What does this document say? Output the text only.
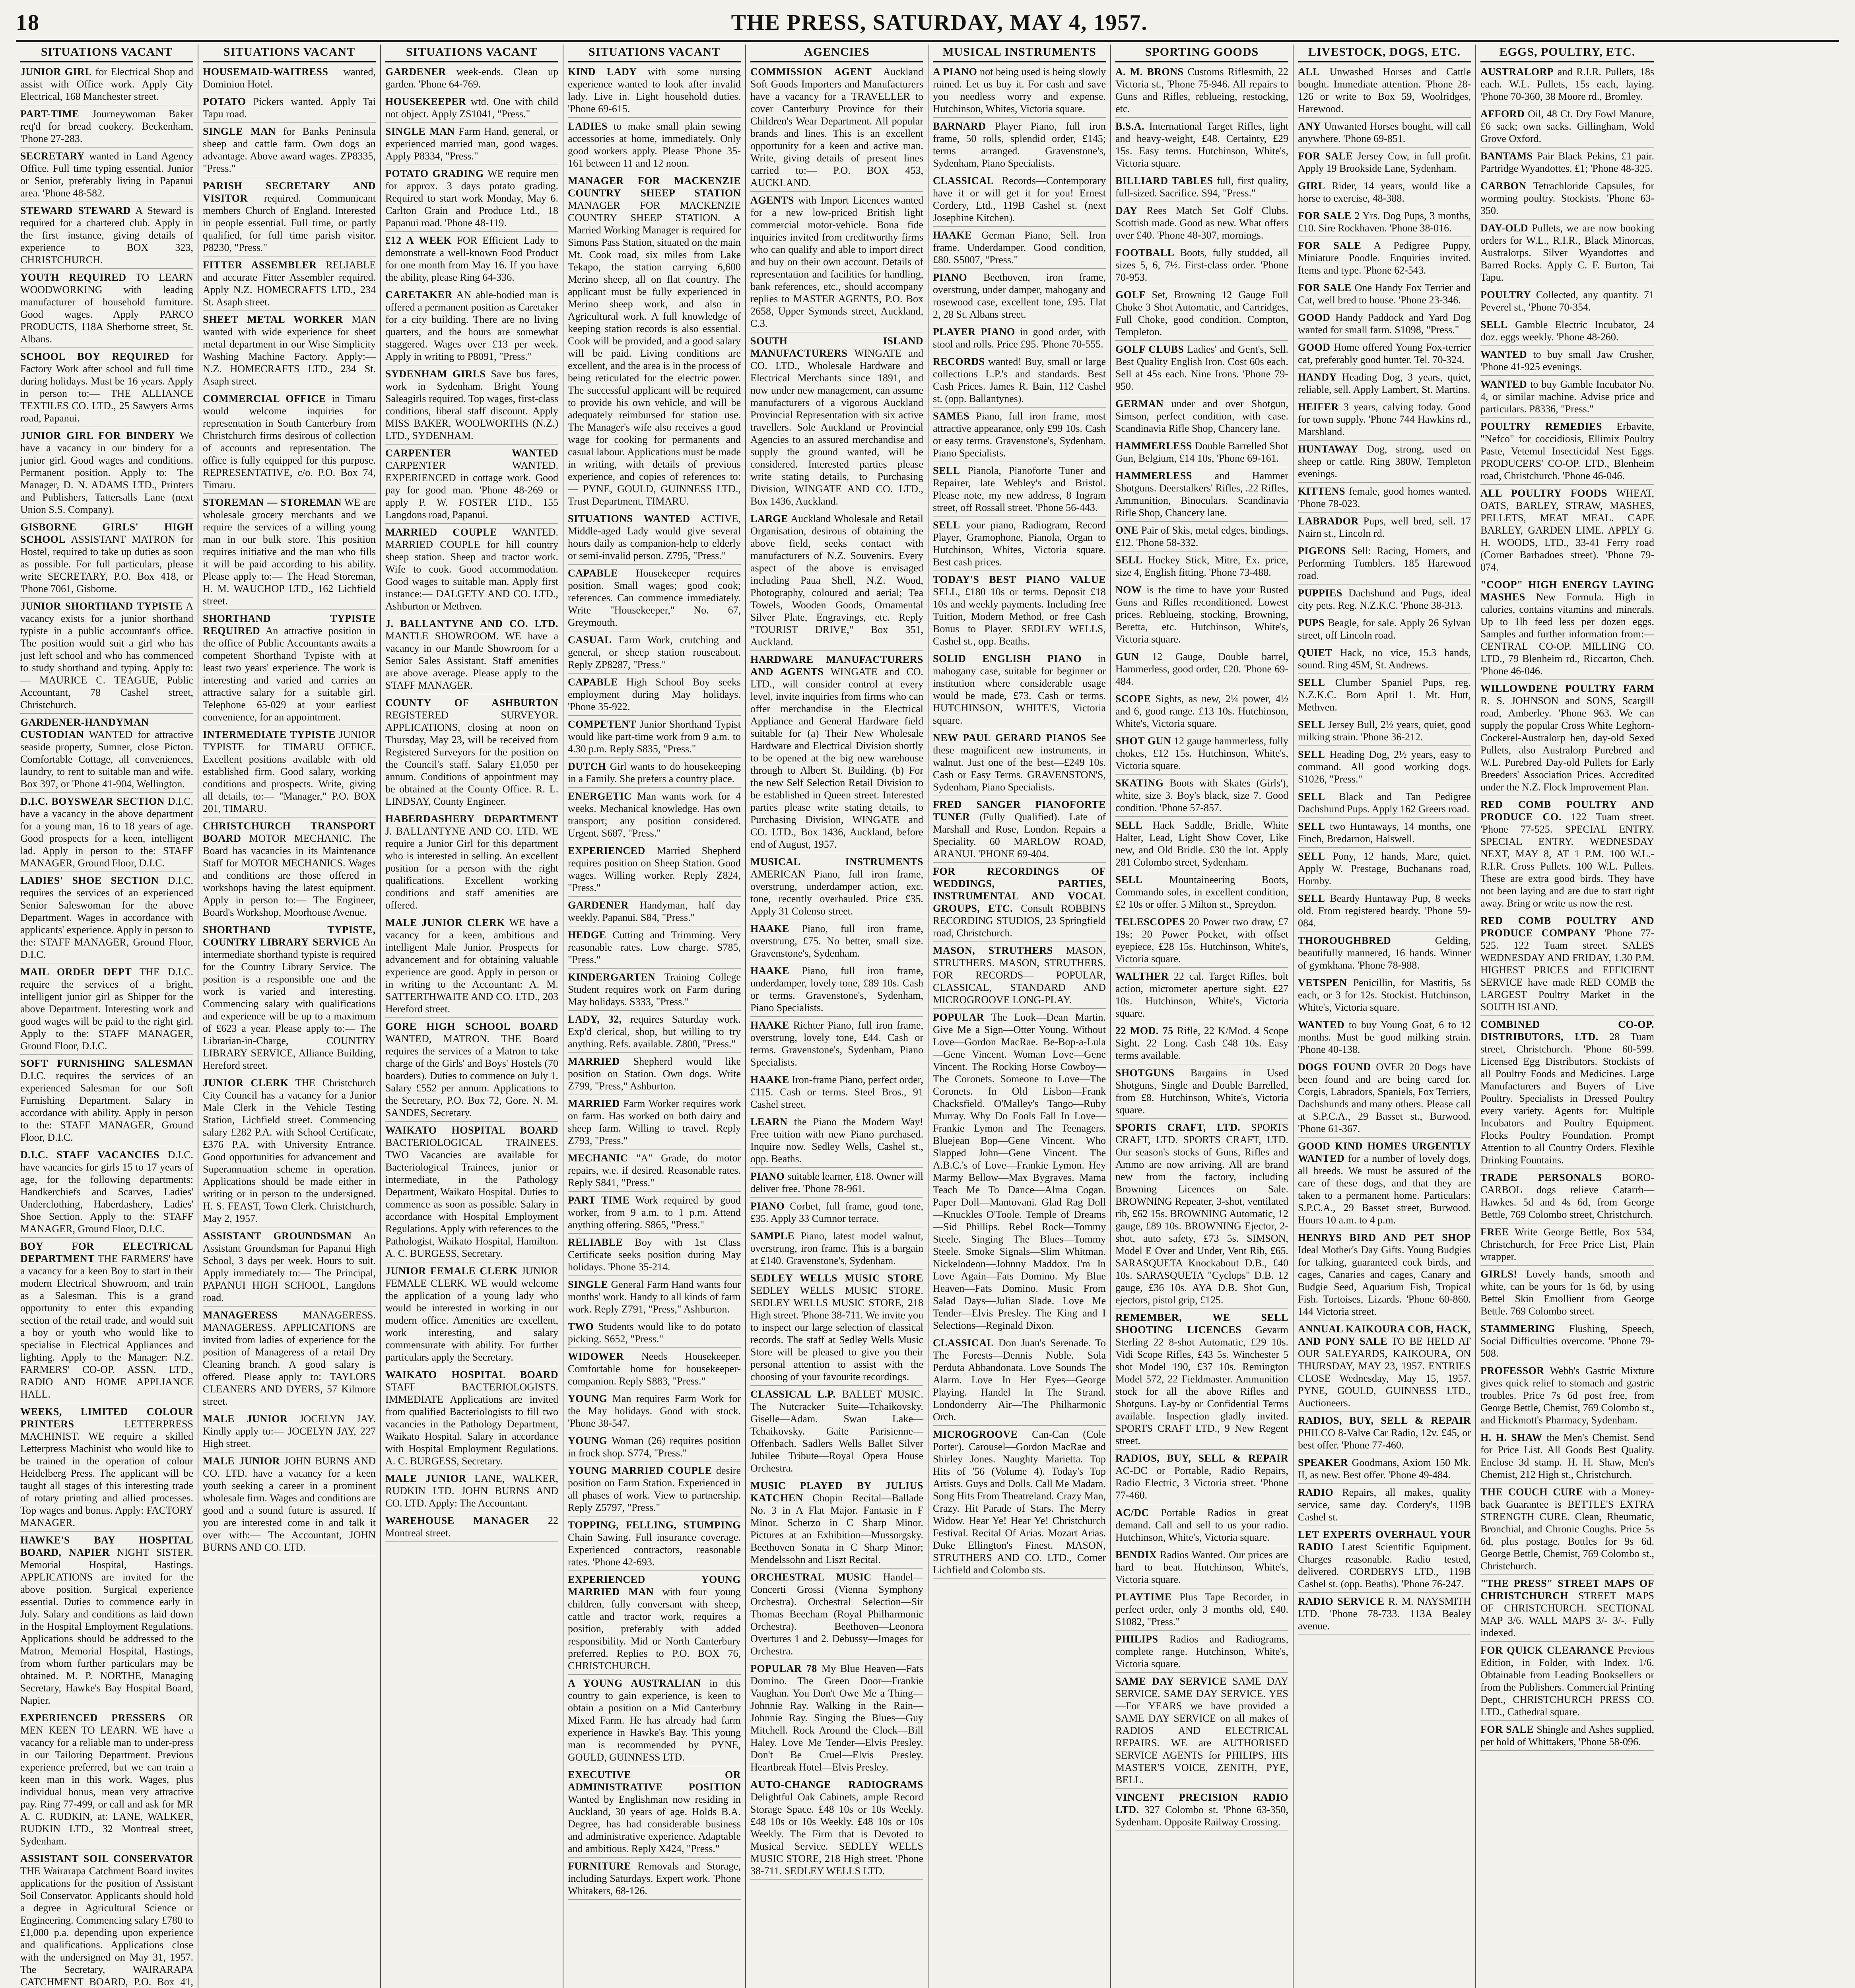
18	THE PRESS, SATURDAY, MAY 4, 1957.
SITUATIONS VACANT
JUNIOR GIRL for Electrical Shop and assist with Office work. Apply City Electrical, 168 Manchester street.
PART-TIME Journeywoman Baker req'd for bread cookery. Beckenham, 'Phone 27-283.
SECRETARY wanted in Land Agency Office. Full time typing essential. Junior or Senior, preferably living in Papanui area. 'Phone 48-582.
STEWARD STEWARD A Steward is required for a chartered club. Apply in the first instance, giving details of experience to BOX 323, CHRISTCHURCH.
YOUTH REQUIRED TO LEARN WOODWORKING with leading manufacturer of household furniture. Good wages. Apply PARCO PRODUCTS, 118A Sherborne street, St. Albans.
SCHOOL BOY REQUIRED for Factory Work after school and full time during holidays. Must be 16 years. Apply in person to:— THE ALLIANCE TEXTILES CO. LTD., 25 Sawyers Arms road, Papanui.
JUNIOR GIRL FOR BINDERY We have a vacancy in our bindery for a junior girl. Good wages and conditions. Permanent position. Apply to: The Manager, D. N. ADAMS LTD., Printers and Publishers, Tattersalls Lane (next Union S.S. Company).
GISBORNE GIRLS' HIGH SCHOOL ASSISTANT MATRON for Hostel, required to take up duties as soon as possible. For full particulars, please write SECRETARY, P.O. Box 418, or 'Phone 7061, Gisborne.
JUNIOR SHORTHAND TYPISTE A vacancy exists for a junior shorthand typiste in a public accountant's office. The position would suit a girl who has just left school and who has commenced to study shorthand and typing. Apply to:— MAURICE C. TEAGUE, Public Accountant, 78 Cashel street, Christchurch.
GARDENER-HANDYMAN CUSTODIAN WANTED for attractive seaside property, Sumner, close Picton. Comfortable Cottage, all conveniences, laundry, to rent to suitable man and wife. Box 397, or 'Phone 41-904, Wellington.
D.I.C. BOYSWEAR SECTION D.I.C. have a vacancy in the above department for a young man, 16 to 18 years of age. Good prospects for a keen, intelligent lad. Apply in person to the: STAFF MANAGER, Ground Floor, D.I.C.
LADIES' SHOE SECTION D.I.C. requires the services of an experienced Senior Saleswoman for the above Department. Wages in accordance with applicants' experience. Apply in person to the: STAFF MANAGER, Ground Floor, D.I.C.
MAIL ORDER DEPT THE D.I.C. require the services of a bright, intelligent junior girl as Shipper for the above Department. Interesting work and good wages will be paid to the right girl. Apply to the: STAFF MANAGER, Ground Floor, D.I.C.
SOFT FURNISHING SALESMAN D.I.C. requires the services of an experienced Salesman for our Soft Furnishing Department. Salary in accordance with ability. Apply in person to the: STAFF MANAGER, Ground Floor, D.I.C.
D.I.C. STAFF VACANCIES D.I.C. have vacancies for girls 15 to 17 years of age, for the following departments: Handkerchiefs and Scarves, Ladies' Underclothing, Haberdashery, Ladies' Shoe Section. Apply to the: STAFF MANAGER, Ground Floor, D.I.C.
BOY FOR ELECTRICAL DEPARTMENT THE FARMERS' have a vacancy for a keen Boy to start in their modern Electrical Showroom, and train as a Salesman. This is a grand opportunity to enter this expanding section of the retail trade, and would suit a boy or youth who would like to specialise in Electrical Appliances and lighting. Apply to the Manager: N.Z. FARMERS' CO-OP. ASSN. LTD., RADIO AND HOME APPLIANCE HALL.
WEEKS, LIMITED COLOUR PRINTERS	LETTERPRESS MACHINIST. WE require a skilled Letterpress Machinist who would like to be trained in the operation of colour Heidelberg Press. The applicant will be taught all stages of this interesting trade of rotary printing and allied processes. Top wages and bonus. Apply: FACTORY MANAGER.
HAWKE'S BAY HOSPITAL BOARD, NAPIER NIGHT SISTER. Memorial Hospital, Hastings. APPLICATIONS are invited for the above position. Surgical experience essential. Duties to commence early in July. Salary and conditions as laid down in the Hospital Employment Regulations. Applications should be addressed to the Matron, Memorial Hospital, Hastings, from whom further particulars may be obtained. M. P. NORTHE, Managing Secretary, Hawke's Bay Hospital Board, Napier.
EXPERIENCED PRESSERS OR MEN KEEN TO LEARN. WE have a vacancy for a reliable man to under-press in our Tailoring Department. Previous experience preferred, but we can train a keen man in this work. Wages, plus individual bonus, mean very attractive pay. Ring 77-499, or call and ask for MR A. C. RUDKIN, at: LANE, WALKER, RUDKIN LTD., 32 Montreal street, Sydenham.
ASSISTANT SOIL CONSERVATOR THE Wairarapa Catchment Board invites applications for the position of Assistant Soil Conservator. Applicants should hold a degree in Agricultural Science or Engineering. Commencing salary £780 to £1,000 p.a. depending upon experience and qualifications. Applications close with the undersigned on May 31, 1957. The Secretary, WAIRARAPA CATCHMENT BOARD, P.O. Box 41,
SITUATIONS VACANT
HOUSEMAID-WAITRESS wanted, Dominion Hotel.
POTATO Pickers wanted. Apply Tai Tapu road.
SINGLE MAN for Banks Peninsula sheep and cattle farm. Own dogs an advantage. Above award wages. ZP8335, "Press."
PARISH SECRETARY AND VISITOR required. Communicant members Church of England. Interested in people essential. Full time, or partly qualified, for full time parish visitor. P8230, "Press."
FITTER ASSEMBLER RELIABLE and accurate Fitter Assembler required. Apply N.Z. HOMECRAFTS LTD., 234 St. Asaph street.
SHEET METAL WORKER MAN wanted with wide experience for sheet metal department in our Wise Simplicity Washing Machine Factory. Apply:— N.Z. HOMECRAFTS LTD., 234 St. Asaph street.
COMMERCIAL OFFICE in Timaru would welcome inquiries for representation in South Canterbury from Christchurch firms desirous of collection of accounts and representation. The office is fully equipped for this purpose. REPRESENTATIVE, c/o. P.O. Box 74, Timaru.
STOREMAN — STOREMAN WE are wholesale grocery merchants and we require the services of a willing young man in our bulk store. This position requires initiative and the man who fills it will be paid according to his ability. Please apply to:— The Head Storeman, H. M. WAUCHOP LTD., 162 Lichfield street.
SHORTHAND TYPISTE REQUIRED An attractive position in the office of Public Accountants awaits a competent Shorthand Typiste with at least two years' experience. The work is interesting and varied and carries an attractive salary for a suitable girl. Telephone 65-029 at your earliest convenience, for an appointment.
INTERMEDIATE TYPISTE JUNIOR TYPISTE for TIMARU OFFICE. Excellent positions available with old established firm. Good salary, working conditions and prospects. Write, giving all details, to:— "Manager," P.O. BOX 201, TIMARU.
CHRISTCHURCH TRANSPORT BOARD MOTOR MECHANIC. The Board has vacancies in its Maintenance Staff for MOTOR MECHANICS. Wages and conditions are those offered in workshops having the latest equipment. Apply in person to:— The Engineer, Board's Workshop, Moorhouse Avenue.
SHORTHAND TYPISTE, COUNTRY LIBRARY SERVICE An intermediate shorthand typiste is required for the Country Library Service. The position is a responsible one and the work is varied and interesting. Commencing salary with qualifications and experience will be up to a maximum of £623 a year. Please apply to:— The Librarian-in-Charge, COUNTRY LIBRARY SERVICE, Alliance Building, Hereford street.
JUNIOR CLERK THE Christchurch City Council has a vacancy for a Junior Male Clerk in the Vehicle Testing Station, Lichfield street. Commencing salary £282 P.A. with School Certificate, £376 P.A. with University Entrance. Good opportunities for advancement and Superannuation scheme in operation. Applications should be made either in writing or in person to the undersigned. H. S. FEAST, Town Clerk. Christchurch, May 2, 1957.
ASSISTANT GROUNDSMAN An Assistant Groundsman for Papanui High School, 3 days per week. Hours to suit. Apply immediately to:— The Principal, PAPANUI HIGH SCHOOL, Langdons road.
MANAGERESS MANAGERESS. MANAGERESS. APPLICATIONS are invited from ladies of experience for the position of Manageress of a retail Dry Cleaning branch. A good salary is offered. Please apply to: TAYLORS CLEANERS AND DYERS, 57 Kilmore street.
MALE JUNIOR JOCELYN JAY. Kindly apply to:— JOCELYN JAY, 227 High street.
MALE JUNIOR JOHN BURNS AND CO. LTD. have a vacancy for a keen youth seeking a career in a prominent wholesale firm. Wages and conditions are good and a sound future is assured. If you are interested come in and talk it over with:— The Accountant, JOHN BURNS AND CO. LTD.
SITUATIONS VACANT
GARDENER week-ends. Clean up garden. 'Phone 64-769.
HOUSEKEEPER wtd. One with child not object. Apply ZS1041, "Press."
SINGLE MAN Farm Hand, general, or experienced married man, good wages. Apply P8334, "Press."
POTATO GRADING WE require men for approx. 3 days potato grading. Required to start work Monday, May 6. Carlton Grain and Produce Ltd., 18 Papanui road. 'Phone 48-119.
£12 A WEEK FOR Efficient Lady to demonstrate a well-known Food Product for one month from May 16. If you have the ability, please Ring 64-336.
CARETAKER AN able-bodied man is offered a permanent position as Caretaker for a city building. There are no living quarters, and the hours are somewhat staggered. Wages over £13 per week. Apply in writing to P8091, "Press."
SYDENHAM GIRLS Save bus fares, work in Sydenham. Bright Young Saleagirls required. Top wages, first-class conditions, liberal staff discount. Apply MISS BAKER, WOOLWORTHS (N.Z.) LTD., SYDENHAM.
CARPENTER WANTED CARPENTER WANTED. EXPERIENCED in cottage work. Good pay for good man. 'Phone 48-269 or apply P. W. FOSTER LTD., 155 Langdons road, Papanui.
MARRIED COUPLE WANTED. MARRIED COUPLE for hill country sheep station. Sheep and tractor work. Wife to cook. Good accommodation. Good wages to suitable man. Apply first instance:— DALGETY AND CO. LTD., Ashburton or Methven.
J. BALLANTYNE AND CO. LTD. MANTLE SHOWROOM. WE have a vacancy in our Mantle Showroom for a Senior Sales Assistant. Staff amenities are above average. Please apply to the STAFF MANAGER.
COUNTY OF ASHBURTON REGISTERED SURVEYOR. APPLICATIONS, closing at noon on Thursday, May 23, will be received from Registered Surveyors for the position on the Council's staff. Salary £1,050 per annum. Conditions of appointment may be obtained at the County Office. R. L. LINDSAY, County Engineer.
HABERDASHERY DEPARTMENT J. BALLANTYNE AND CO. LTD. WE require a Junior Girl for this department who is interested in selling. An excellent position for a person with the right qualifications. Excellent working conditions and staff amenities are offered.
MALE JUNIOR CLERK WE have a vacancy for a keen, ambitious and intelligent Male Junior. Prospects for advancement and for obtaining valuable experience are good. Apply in person or in writing to the Accountant: A. M. SATTERTHWAITE AND CO. LTD., 203 Hereford street.
GORE HIGH SCHOOL BOARD WANTED, MATRON. THE Board requires the services of a Matron to take charge of the Girls' and Boys' Hostels (70 boarders). Duties to commence on July 1. Salary £552 per annum. Applications to the Secretary, P.O. Box 72, Gore. N. M. SANDES, Secretary.
WAIKATO HOSPITAL BOARD BACTERIOLOGICAL TRAINEES. TWO Vacancies are available for Bacteriological Trainees, junior or intermediate, in the Pathology Department, Waikato Hospital. Duties to commence as soon as possible. Salary in accordance with Hospital Employment Regulations. Apply with references to the Pathologist, Waikato Hospital, Hamilton. A. C. BURGESS, Secretary.
JUNIOR FEMALE CLERK JUNIOR FEMALE CLERK. WE would welcome the application of a young lady who would be interested in working in our modern office. Amenities are excellent, work interesting, and salary commensurate with ability. For further particulars apply the Secretary.
WAIKATO HOSPITAL BOARD STAFF BACTERIOLOGISTS. IMMEDIATE Applications are invited from qualified Bacteriologists to fill two vacancies in the Pathology Department, Waikato Hospital. Salary in accordance with Hospital Employment Regulations. A. C. BURGESS, Secretary.
MALE JUNIOR LANE, WALKER, RUDKIN LTD. JOHN BURNS AND CO. LTD. Apply: The Accountant.
WAREHOUSE MANAGER 22 Montreal street.
SITUATIONS VACANT
KIND LADY with some nursing experience wanted to look after invalid lady. Live in. Light household duties. 'Phone 69-615.
LADIES to make small plain sewing accessories at home, immediately. Only good workers apply. Please 'Phone 35-161 between 11 and 12 noon.
MANAGER FOR MACKENZIE COUNTRY SHEEP STATION MANAGER FOR MACKENZIE COUNTRY SHEEP STATION. A Married Working Manager is required for Simons Pass Station, situated on the main Mt. Cook road, six miles from Lake Tekapo, the station carrying 6,600 Merino sheep, all on flat country. The applicant must be fully experienced in Merino sheep work, and also in Agricultural work. A full knowledge of keeping station records is also essential. Cook will be provided, and a good salary will be paid. Living conditions are excellent, and the area is in the process of being reticulated for the electric power. The successful applicant will be required to provide his own vehicle, and will be adequately reimbursed for station use. The Manager's wife also receives a good wage for cooking for permanents and casual labour. Applications must be made in writing, with details of previous experience, and copies of references to:— PYNE, GOULD, GUINNESS LTD., Trust Department, TIMARU.
SITUATIONS WANTED ACTIVE, Middle-aged Lady would give several hours daily as companion-help to elderly or semi-invalid person. Z795, "Press."
CAPABLE Housekeeper requires position. Small wages; good cook; references. Can commence immediately. Write "Housekeeper," No. 67, Greymouth.
CASUAL Farm Work, crutching and general, or sheep station rouseabout. Reply ZP8287, "Press."
CAPABLE High School Boy seeks employment during May holidays. 'Phone 35-922.
COMPETENT Junior Shorthand Typist would like part-time work from 9 a.m. to 4.30 p.m. Reply S835, "Press."
DUTCH Girl wants to do housekeeping in a Family. She prefers a country place.
ENERGETIC Man wants work for 4 weeks. Mechanical knowledge. Has own transport; any position considered. Urgent. S687, "Press."
EXPERIENCED Married Shepherd requires position on Sheep Station. Good wages. Willing worker. Reply Z824, "Press."
GARDENER Handyman, half day weekly. Papanui. S84, "Press."
HEDGE Cutting and Trimming. Very reasonable rates. Low charge. S785, "Press."
KINDERGARTEN Training College Student requires work on Farm during May holidays. S333, "Press."
LADY, 32, requires Saturday work. Exp'd clerical, shop, but willing to try anything. Refs. available. Z800, "Press."
MARRIED Shepherd would like position on Station. Own dogs. Write Z799, "Press," Ashburton.
MARRIED Farm Worker requires work on farm. Has worked on both dairy and sheep farm. Willing to travel. Reply Z793, "Press."
MECHANIC "A" Grade, do motor repairs, w.e. if desired. Reasonable rates. Reply S841, "Press."
PART TIME Work required by good worker, from 9 a.m. to 1 p.m. Attend anything offering. S865, "Press."
RELIABLE Boy with 1st Class Certificate seeks position during May holidays. 'Phone 35-214.
SINGLE General Farm Hand wants four months' work. Handy to all kinds of farm work. Reply Z791, "Press," Ashburton.
TWO Students would like to do potato picking. S652, "Press."
WIDOWER Needs Housekeeper. Comfortable home for housekeeper-companion. Reply S883, "Press."
YOUNG Man requires Farm Work for the May holidays. Good with stock. 'Phone 38-547.
YOUNG Woman (26) requires position in frock shop. S774, "Press."
YOUNG MARRIED COUPLE desire position on Farm Station. Experienced in all phases of work. View to partnership. Reply Z5797, "Press."
TOPPING, FELLING, STUMPING Chain Sawing. Full insurance coverage. Experienced contractors, reasonable rates. 'Phone 42-693.
EXPERIENCED YOUNG MARRIED MAN with four young children, fully conversant with sheep, cattle and tractor work, requires a position, preferably with added responsibility. Mid or North Canterbury preferred. Replies to P.O. BOX 76, CHRISTCHURCH.
A YOUNG AUSTRALIAN in this country to gain experience, is keen to obtain a position on a Mid Canterbury Mixed Farm. He has already had farm experience in Hawke's Bay. This young man is recommended by PYNE, GOULD, GUINNESS LTD.
EXECUTIVE OR ADMINISTRATIVE POSITION Wanted by Englishman now residing in Auckland, 30 years of age. Holds B.A. Degree, has had considerable business and administrative experience. Adaptable and ambitious. Reply X424, "Press."
FURNITURE Removals and Storage, including Saturdays. Expert work. 'Phone Whitakers, 68-126.
AGENCIES
COMMISSION AGENT Auckland Soft Goods Importers and Manufacturers have a vacancy for a TRAVELLER to cover Canterbury Province for their Children's Wear Department. All popular brands and lines. This is an excellent opportunity for a keen and active man. Write, giving details of present lines carried to:— P.O. BOX 453, AUCKLAND.
AGENTS with Import Licences wanted for a new low-priced British light commercial motor-vehicle. Bona fide inquiries invited from creditworthy firms who can qualify and able to import direct and buy on their own account. Details of representation and facilities for handling, bank references, etc., should accompany replies to MASTER AGENTS, P.O. Box 2658, Upper Symonds street, Auckland, C.3.
SOUTH ISLAND MANUFACTURERS WINGATE and CO. LTD., Wholesale Hardware and Electrical Merchants since 1891, and now under new management, can assume manufacturers of a vigorous Auckland Provincial Representation with six active travellers. Sole Auckland or Provincial Agencies to an assured merchandise and supply the ground wanted, will be considered. Interested parties please write stating details, to Purchasing Division, WINGATE AND CO. LTD., Box 1436, Auckland.
LARGE Auckland Wholesale and Retail Organisation, desirous of obtaining the above field, seeks contact with manufacturers of N.Z. Souvenirs. Every aspect of the above is envisaged including Paua Shell, N.Z. Wood, Photography, coloured and aerial; Tea Towels, Wooden Goods, Ornamental Silver Plate, Engravings, etc. Reply "TOURIST DRIVE," Box 351, Auckland.
HARDWARE MANUFACTURERS AND AGENTS WINGATE and CO. LTD., will consider control at every level, invite inquiries from firms who can offer merchandise in the Electrical Appliance and General Hardware field suitable for (a) Their New Wholesale Hardware and Electrical Division shortly to be opened at the big new warehouse through to Albert St. Building. (b) For the new Self Selection Retail Division to be established in Queen street. Interested parties please write stating details, to Purchasing Division, WINGATE and CO. LTD., Box 1436, Auckland, before end of August, 1957.
MUSICAL INSTRUMENTS AMERICAN Piano, full iron frame, overstrung, underdamper action, exc. tone, recently overhauled. Price £35. Apply 31 Colenso street.
HAAKE Piano, full iron frame, overstrung, £75. No better, small size. Gravenstone's, Sydenham.
HAAKE Piano, full iron frame, underdamper, lovely tone, £89 10s. Cash or terms. Gravenstone's, Sydenham, Piano Specialists.
HAAKE Richter Piano, full iron frame, overstrung, lovely tone, £44. Cash or terms. Gravenstone's, Sydenham, Piano Specialists.
HAAKE Iron-frame Piano, perfect order, £115. Cash or terms. Steel Bros., 91 Cashel street.
LEARN the Piano the Modern Way! Free tuition with new Piano purchased. Inquire now. Sedley Wells, Cashel st., opp. Beaths.
PIANO suitable learner, £18. Owner will deliver free. 'Phone 78-961.
PIANO Corbet, full frame, good tone, £35. Apply 33 Cumnor terrace.
SAMPLE Piano, latest model walnut, overstrung, iron frame. This is a bargain at £140. Gravenstone's, Sydenham.
SEDLEY WELLS MUSIC STORE SEDLEY WELLS MUSIC STORE. SEDLEY WELLS MUSIC STORE, 218 High street. 'Phone 38-711. We invite you to inspect our large selection of classical records. The staff at Sedley Wells Music Store will be pleased to give you their personal attention to assist with the choosing of your favourite recordings.
CLASSICAL L.P. BALLET MUSIC. The Nutcracker Suite—Tchaikovsky. Giselle—Adam. Swan Lake—Tchaikovsky. Gaite Parisienne—Offenbach. Sadlers Wells Ballet Silver Jubilee Tribute—Royal Opera House Orchestra.
MUSIC PLAYED BY JULIUS KATCHEN Chopin Recital—Ballade No. 3 in A Flat Major. Fantasie in F Minor. Scherzo in C Sharp Minor. Pictures at an Exhibition—Mussorgsky. Beethoven Sonata in C Sharp Minor; Mendelssohn and Liszt Recital.
ORCHESTRAL MUSIC Handel—Concerti Grossi (Vienna Symphony Orchestra). Orchestral Selection—Sir Thomas Beecham (Royal Philharmonic Orchestra). Beethoven—Leonora Overtures 1 and 2. Debussy—Images for Orchestra.
POPULAR 78 My Blue Heaven—Fats Domino. The Green Door—Frankie Vaughan. You Don't Owe Me a Thing—Johnnie Ray. Walking in the Rain—Johnnie Ray. Singing the Blues—Guy Mitchell. Rock Around the Clock—Bill Haley. Love Me Tender—Elvis Presley. Don't Be Cruel—Elvis Presley. Heartbreak Hotel—Elvis Presley.
AUTO-CHANGE RADIOGRAMS Delightful Oak Cabinets, ample Record Storage Space. £48 10s or 10s Weekly. £48 10s or 10s Weekly. £48 10s or 10s Weekly. The Firm that is Devoted to Musical Service. SEDLEY WELLS MUSIC STORE, 218 High street. 'Phone 38-711. SEDLEY WELLS LTD.
MUSICAL INSTRUMENTS
A PIANO not being used is being slowly ruined. Let us buy it. For cash and save you needless worry and expense. Hutchinson, Whites, Victoria square.
BARNARD Player Piano, full iron frame, 50 rolls, splendid order, £145; terms arranged. Gravenstone's, Sydenham, Piano Specialists.
CLASSICAL Records—Contemporary have it or will get it for you! Ernest Cordery, Ltd., 119B Cashel st. (next Josephine Kitchen).
HAAKE German Piano, Sell. Iron frame. Underdamper. Good condition, £80. S5007, "Press."
PIANO Beethoven, iron frame, overstrung, under damper, mahogany and rosewood case, excellent tone, £95. Flat 2, 28 St. Albans street.
PLAYER PIANO in good order, with stool and rolls. Price £95. 'Phone 70-555.
RECORDS wanted! Buy, small or large collections L.P.'s and standards. Best Cash Prices. James R. Bain, 112 Cashel st. (opp. Ballantynes).
SAMES Piano, full iron frame, most attractive appearance, only £99 10s. Cash or easy terms. Gravenstone's, Sydenham. Piano Specialists.
SELL Pianola, Pianoforte Tuner and Repairer, late Webley's and Bristol. Please note, my new address, 8 Ingram street, off Rossall street. 'Phone 56-443.
SELL your piano, Radiogram, Record Player, Gramophone, Pianola, Organ to Hutchinson, Whites, Victoria square. Best cash prices.
TODAY'S BEST PIANO VALUE SELL, £180 10s or terms. Deposit £18 10s and weekly payments. Including free Tuition, Modern Method, or free Cash Bonus to Player. SEDLEY WELLS, Cashel st., opp. Beaths.
SOLID ENGLISH PIANO in mahogany case, suitable for beginner or institution where considerable usage would be made, £73. Cash or terms. HUTCHINSON, WHITE'S, Victoria square.
NEW PAUL GERARD PIANOS See these magnificent new instruments, in walnut. Just one of the best—£249 10s. Cash or Easy Terms. GRAVENSTON'S, Sydenham, Piano Specialists.
FRED SANGER PIANOFORTE TUNER (Fully Qualified). Late of Marshall and Rose, London. Repairs a Speciality. 60 MARLOW ROAD, ARANUI. 'PHONE 69-404.
FOR RECORDINGS OF WEDDINGS, PARTIES, INSTRUMENTAL AND VOCAL GROUPS, ETC. Consult ROBBINS RECORDING STUDIOS, 23 Springfield road, Christchurch.
MASON, STRUTHERS MASON, STRUTHERS. MASON, STRUTHERS. FOR RECORDS— POPULAR, CLASSICAL, STANDARD AND MICROGROOVE LONG-PLAY.
POPULAR The Look—Dean Martin. Give Me a Sign—Otter Young. Without Love—Gordon MacRae. Be-Bop-a-Lula—Gene Vincent. Woman Love—Gene Vincent. The Rocking Horse Cowboy—The Coronets. Someone to Love—The Coronets. In Old Lisbon—Frank Chacksfield. O'Malley's Tango—Ruby Murray. Why Do Fools Fall In Love—Frankie Lymon and The Teenagers. Bluejean Bop—Gene Vincent. Who Slapped John—Gene Vincent. The A.B.C.'s of Love—Frankie Lymon. Hey Marmy Bellow—Max Bygraves. Mama Teach Me To Dance—Alma Cogan. Paper Doll—Mantovani. Glad Rag Doll—Knuckles O'Toole. Temple of Dreams—Sid Phillips. Rebel Rock—Tommy Steele. Singing The Blues—Tommy Steele. Smoke Signals—Slim Whitman. Nickelodeon—Johnny Maddox. I'm In Love Again—Fats Domino. My Blue Heaven—Fats Domino. Music From Salad Days—Julian Slade. Love Me Tender—Elvis Presley. The King and I Selections—Reginald Dixon.
CLASSICAL Don Juan's Serenade. To The Forests—Dennis Noble. Sola Perduta Abbandonata. Love Sounds The Alarm. Love In Her Eyes—George Playing. Handel In The Strand. Londonderry Air—The Philharmonic Orch.
MICROGROOVE Can-Can (Cole Porter). Carousel—Gordon MacRae and Shirley Jones. Naughty Marietta. Top Hits of '56 (Volume 4). Today's Top Artists. Guys and Dolls. Call Me Madam. Song Hits From Theatreland. Crazy Man, Crazy. Hit Parade of Stars. The Merry Widow. Hear Ye! Hear Ye! Christchurch Festival. Recital Of Arias. Mozart Arias. Duke Ellington's Finest. MASON, STRUTHERS AND CO. LTD., Corner Lichfield and Colombo sts.
SPORTING GOODS
A. M. BRONS Customs Riflesmith, 22 Victoria st., 'Phone 75-946. All repairs to Guns and Rifles, reblueing, restocking, etc.
B.S.A. International Target Rifles, light and heavy-weight, £48. Certainty, £29 15s. Easy terms. Hutchinson, White's, Victoria square.
BILLIARD TABLES full, first quality, full-sized. Sacrifice. S94, "Press."
DAY Rees Match Set Golf Clubs. Scottish made. Good as new. What offers over £40. 'Phone 48-307, mornings.
FOOTBALL Boots, fully studded, all sizes 5, 6, 7½. First-class order. 'Phone 70-953.
GOLF Set, Browning 12 Gauge Full Choke 3 Shot Automatic, and Cartridges, Full Choke, good condition. Compton, Templeton.
GOLF CLUBS Ladies' and Gent's, Sell. Best Quality English Iron. Cost 60s each. Sell at 45s each. Nine Irons. 'Phone 79-950.
GERMAN under and over Shotgun, Simson, perfect condition, with case. Scandinavia Rifle Shop, Chancery lane.
HAMMERLESS Double Barrelled Shot Gun, Belgium, £14 10s, 'Phone 69-161.
HAMMERLESS and Hammer Shotguns. Deerstalkers' Rifles, .22 Rifles, Ammunition, Binoculars. Scandinavia Rifle Shop, Chancery lane.
ONE Pair of Skis, metal edges, bindings, £12. 'Phone 58-332.
SELL Hockey Stick, Mitre, Ex. price, size 4, English fitting. 'Phone 73-488.
NOW is the time to have your Rusted Guns and Rifles reconditioned. Lowest prices. Reblueing, stocking, Browning, Beretta, etc. Hutchinson, White's, Victoria square.
GUN 12 Gauge, Double barrel, Hammerless, good order, £20. 'Phone 69-484.
SCOPE Sights, as new, 2¼ power, 4½ and 6, good range. £13 10s. Hutchinson, White's, Victoria square.
SHOT GUN 12 gauge hammerless, fully chokes, £12 15s. Hutchinson, White's, Victoria square.
SKATING Boots with Skates (Girls'), white, size 3. Boy's black, size 7. Good condition. 'Phone 57-857.
SELL Hack Saddle, Bridle, White Halter, Lead, Light Show Cover, Like new, and Old Bridle. £30 the lot. Apply 281 Colombo street, Sydenham.
SELL	Mountaineering Boots, Commando soles, in excellent condition, £2 10s or offer. 5 Milton st., Spreydon.
TELESCOPES 20 Power two draw, £7 19s; 20 Power Pocket, with offset eyepiece, £28 15s. Hutchinson, White's, Victoria square.
WALTHER 22 cal. Target Rifles, bolt action, micrometer aperture sight. £27 10s. Hutchinson, White's, Victoria square.
22 MOD. 75 Rifle, 22 K/Mod. 4 Scope Sight. 22 Long. Cash £48 10s. Easy terms available.
SHOTGUNS Bargains in Used Shotguns, Single and Double Barrelled, from £8. Hutchinson, White's, Victoria square.
SPORTS CRAFT, LTD. SPORTS CRAFT, LTD. SPORTS CRAFT, LTD. Our season's stocks of Guns, Rifles and Ammo are now arriving. All are brand new from the factory, including Browning Licences on Sale. BROWNING Repeater, 3-shot, ventilated rib, £62 15s. BROWNING Automatic, 12 gauge, £89 10s. BROWNING Ejector, 2-shot, auto safety, £73 5s. SIMSON, Model E Over and Under, Vent Rib, £65. SARASQUETA Knockabout D.B., £40 10s. SARASQUETA "Cyclops" D.B. 12 gauge, £36 10s. AYA D.B. Shot Gun, ejectors, pistol grip, £125.
REMEMBER, WE SELL SHOOTING LICENCES Gevarm Sterling 22 8-shot Automatic, £29 10s. Vidi Scope Rifles, £43 5s. Winchester 5 shot Model 190, £37 10s. Remington Model 572, 22 Fieldmaster. Ammunition stock for all the above Rifles and Shotguns. Lay-by or Confidential Terms available. Inspection gladly invited. SPORTS CRAFT LTD., 9 New Regent street.
RADIOS, BUY, SELL & REPAIR AC-DC or Portable, Radio Repairs, Radio Electric, 3 Victoria street. 'Phone 77-460.
AC/DC Portable Radios in great demand. Call and sell to us your radio. Hutchinson, White's, Victoria square.
BENDIX Radios Wanted. Our prices are hard to beat. Hutchinson, White's, Victoria square.
PLAYTIME Plus Tape Recorder, in perfect order, only 3 months old, £40. S1082, "Press."
PHILIPS Radios and Radiograms, complete range. Hutchinson, White's, Victoria square.
SAME DAY SERVICE SAME DAY SERVICE. SAME DAY SERVICE. YES—For YEARS we have provided a SAME DAY SERVICE on all makes of RADIOS AND ELECTRICAL REPAIRS. WE are AUTHORISED SERVICE AGENTS for PHILIPS, HIS MASTER'S VOICE, ZENITH, PYE, BELL.
VINCENT PRECISION RADIO LTD. 327 Colombo st. 'Phone 63-350, Sydenham. Opposite Railway Crossing.
LIVESTOCK, DOGS, ETC.
ALL Unwashed Horses and Cattle bought. Immediate attention. 'Phone 28-126 or write to Box 59, Woolridges, Harewood.
ANY Unwanted Horses bought, will call anywhere. 'Phone 69-851.
FOR SALE Jersey Cow, in full profit. Apply 19 Brookside Lane, Sydenham.
GIRL Rider, 14 years, would like a horse to exercise, 48-388.
FOR SALE 2 Yrs. Dog Pups, 3 months, £10. Sire Rockhaven. 'Phone 38-016.
FOR SALE A Pedigree Puppy, Miniature Poodle. Enquiries invited. Items and type. 'Phone 62-543.
FOR SALE One Handy Fox Terrier and Cat, well bred to house. 'Phone 23-346.
GOOD Handy Paddock and Yard Dog wanted for small farm. S1098, "Press."
GOOD Home offered Young Fox-terrier cat, preferably good hunter. Tel. 70-324.
HANDY Heading Dog, 3 years, quiet, reliable, sell. Apply Lambert, St. Martins.
HEIFER 3 years, calving today. Good for town supply. 'Phone 744 Hawkins rd., Marshland.
HUNTAWAY Dog, strong, used on sheep or cattle. Ring 380W, Templeton evenings.
KITTENS female, good homes wanted. 'Phone 78-023.
LABRADOR Pups, well bred, sell. 17 Nairn st., Lincoln rd.
PIGEONS Sell: Racing, Homers, and Performing Tumblers. 185 Harewood road.
PUPPIES Dachshund and Pugs, ideal city pets. Reg. N.Z.K.C. 'Phone 38-313.
PUPS Beagle, for sale. Apply 26 Sylvan street, off Lincoln road.
QUIET Hack, no vice, 15.3 hands, sound. Ring 45M, St. Andrews.
SELL Clumber Spaniel Pups, reg. N.Z.K.C. Born April 1. Mt. Hutt, Methven.
SELL Jersey Bull, 2½ years, quiet, good milking strain. 'Phone 36-212.
SELL Heading Dog, 2½ years, easy to command. All good working dogs. S1026, "Press."
SELL Black and Tan Pedigree Dachshund Pups. Apply 162 Greers road.
SELL two Huntaways, 14 months, one Finch, Bredarnon, Halswell.
SELL Pony, 12 hands, Mare, quiet. Apply W. Prestage, Buchanans road, Hornby.
SELL Beardy Huntaway Pup, 8 weeks old. From registered beardy. 'Phone 59-084.
THOROUGHBRED	Gelding, beautifully mannered, 16 hands. Winner of gymkhana. 'Phone 78-988.
VETSPEN Penicillin, for Mastitis, 5s each, or 3 for 12s. Stockist. Hutchinson, White's, Victoria square.
WANTED to buy Young Goat, 6 to 12 months. Must be good milking strain. 'Phone 40-138.
DOGS FOUND OVER 20 Dogs have been found and are being cared for. Corgis, Labradors, Spaniels, Fox Terriers, Dachshunds and many others. Please call at S.P.C.A., 29 Basset st., Burwood. 'Phone 61-367.
GOOD KIND HOMES URGENTLY WANTED for a number of lovely dogs, all breeds. We must be assured of the care of these dogs, and that they are taken to a permanent home. Particulars: S.P.C.A., 29 Basset street, Burwood. Hours 10 a.m. to 4 p.m.
HENRYS BIRD AND PET SHOP Ideal Mother's Day Gifts. Young Budgies for talking, guaranteed cock birds, and cages, Canaries and cages, Canary and Budgie Seed, Aquarium Fish, Tropical Fish. Tortoises, Lizards. 'Phone 60-860. 144 Victoria street.
ANNUAL KAIKOURA COB, HACK, AND PONY SALE TO BE HELD AT OUR SALEYARDS, KAIKOURA, ON THURSDAY, MAY 23, 1957. ENTRIES CLOSE Wednesday, May 15, 1957. PYNE, GOULD, GUINNESS LTD., Auctioneers.
RADIOS, BUY, SELL & REPAIR PHILCO 8-Valve Car Radio, 12v. £45, or best offer. 'Phone 77-460.
SPEAKER Goodmans, Axiom 150 Mk. II, as new. Best offer. 'Phone 49-484.
RADIO Repairs, all makes, quality service, same day. Cordery's, 119B Cashel st.
LET EXPERTS OVERHAUL YOUR RADIO Latest Scientific Equipment. Charges reasonable. Radio tested, delivered. CORDERYS LTD., 119B Cashel st. (opp. Beaths). 'Phone 76-247.
RADIO SERVICE R. M. NAYSMITH LTD. 'Phone 78-733. 113A Bealey avenue.
EGGS, POULTRY, ETC.
AUSTRALORP and R.I.R. Pullets, 18s each. W.L. Pullets, 15s each, laying. 'Phone 70-360, 38 Moore rd., Bromley.
AFFORD Oil, 48 Ct. Dry Fowl Manure, £6 sack; own sacks. Gillingham, Wold Grove Oxford.
BANTAMS Pair Black Pekins, £1 pair. Partridge Wyandottes. £1; 'Phone 48-325.
CARBON Tetrachloride Capsules, for worming poultry. Stockists. 'Phone 63-350.
DAY-OLD Pullets, we are now booking orders for W.L., R.I.R., Black Minorcas, Australorps. Silver Wyandottes and Barred Rocks. Apply C. F. Burton, Tai Tapu.
POULTRY Collected, any quantity. 71 Peverel st., 'Phone 70-354.
SELL Gamble Electric Incubator, 24 doz. eggs weekly. 'Phone 48-260.
WANTED to buy small Jaw Crusher, 'Phone 41-925 evenings.
WANTED to buy Gamble Incubator No. 4, or similar machine. Advise price and particulars. P8336, "Press."
POULTRY REMEDIES Erbavite, "Nefco" for coccidiosis, Ellimix Poultry Paste, Vetemul Insecticidal Nest Eggs. PRODUCERS' CO-OP. LTD., Blenheim road, Christchurch. 'Phone 46-046.
ALL POULTRY FOODS WHEAT, OATS, BARLEY, STRAW, MASHES, PELLETS, MEAT MEAL. CAPE BARLEY, GARDEN LIME. APPLY G. H. WOODS, LTD., 33-41 Ferry road (Corner Barbadoes street). 'Phone 79-074.
"COOP" HIGH ENERGY LAYING MASHES New Formula. High in calories, contains vitamins and minerals. Up to 1lb feed less per dozen eggs. Samples and further information from:— CENTRAL CO-OP. MILLING CO. LTD., 79 Blenheim rd., Riccarton, Chch. 'Phone 46-046.
WILLOWDENE POULTRY FARM R. S. JOHNSON and SONS, Scargill road, Amberley. 'Phone 963. We can supply the popular Cross White Leghorn-Cockerel-Australorp hen, day-old Sexed Pullets, also Australorp Purebred and W.L. Purebred Day-old Pullets for Early Breeders' Association Prices. Accredited under the N.Z. Flock Improvement Plan.
RED COMB POULTRY AND PRODUCE CO. 122 Tuam street. 'Phone 77-525. SPECIAL ENTRY. SPECIAL ENTRY. WEDNESDAY NEXT, MAY 8, AT 1 P.M. 100 W.L.-R.I.R. Cross Pullets. 100 W.L. Pullets. These are extra good birds. They have not been laying and are due to start right away. Bring or write us now the rest.
RED COMB POULTRY AND PRODUCE COMPANY 'Phone 77-525. 122 Tuam street. SALES WEDNESDAY AND FRIDAY, 1.30 P.M. HIGHEST PRICES and EFFICIENT SERVICE have made RED COMB the LARGEST Poultry Market in the SOUTH ISLAND.
COMBINED CO-OP. DISTRIBUTORS, LTD. 28 Tuam street, Christchurch. 'Phone 60-599. Licensed Egg Distributors. Stockists of all Poultry Foods and Medicines. Large Manufacturers and Buyers of Live Poultry. Specialists in Dressed Poultry every variety. Agents for: Multiple Incubators and Poultry Equipment. Flocks Poultry Foundation. Prompt Attention to all Country Orders. Flexible Drinking Fountains.
TRADE PERSONALS BORO-CARBOL dogs relieve Catarrh—Hawkes. 5d and 4s 6d, from George Bettle, 769 Colombo street, Christchurch.
FREE Write George Bettle, Box 534, Christchurch, for Free Price List, Plain wrapper.
GIRLS! Lovely hands, smooth and white, can be yours for 1s 6d, by using Bettel Skin Emollient from George Bettle. 769 Colombo street.
STAMMERING Flushing, Speech, Social Difficulties overcome. 'Phone 79-508.
PROFESSOR Webb's Gastric Mixture gives quick relief to stomach and gastric troubles. Price 7s 6d post free, from George Bettle, Chemist, 769 Colombo st., and Hickmott's Pharmacy, Sydenham.
H. H. SHAW the Men's Chemist. Send for Price List. All Goods Best Quality. Enclose 3d stamp. H. H. Shaw, Men's Chemist, 212 High st., Christchurch.
THE COUCH CURE with a Money-back Guarantee is BETTLE'S EXTRA STRENGTH CURE. Clean, Rheumatic, Bronchial, and Chronic Coughs. Price 5s 6d, plus postage. Bottles for 9s 6d. George Bettle, Chemist, 769 Colombo st., Christchurch.
"THE PRESS" STREET MAPS OF CHRISTCHURCH STREET MAPS OF CHRISTCHURCH. SECTIONAL MAP 3/6. WALL MAPS 3/- 3/-. Fully indexed.
FOR QUICK CLEARANCE Previous Edition, in Folder, with Index. 1/6. Obtainable from Leading Booksellers or from the Publishers. Commercial Printing Dept., CHRISTCHURCH PRESS CO. LTD., Cathedral square.
FOR SALE Shingle and Ashes supplied, per hold of Whittakers, 'Phone 58-096.
